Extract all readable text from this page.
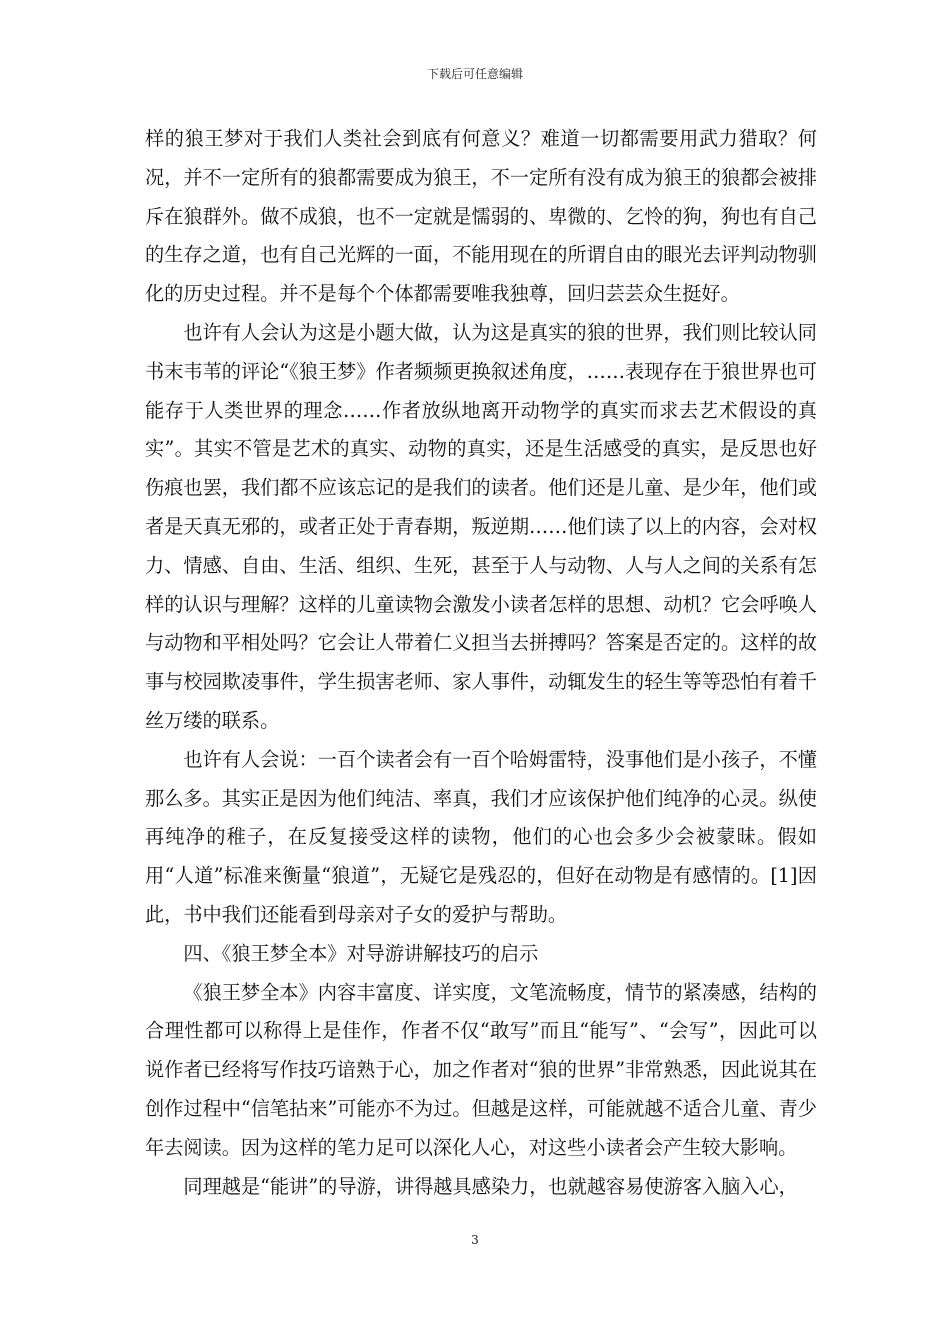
下载后可任意编辑

样的狼王梦对于我们人类社会到底有何意义？难道一切都需要用武力猎取？何况，并不一定所有的狼都需要成为狼王，不一定所有没有成为狼王的狼都会被排斥在狼群外。做不成狼，也不一定就是懦弱的、卑微的、乞怜的狗，狗也有自己的生存之道，也有自己光辉的一面，不能用现在的所谓自由的眼光去评判动物驯化的历史过程。并不是每个个体都需要唯我独尊，回归芸芸众生挺好。

也许有人会认为这是小题大做，认为这是真实的狼的世界，我们则比较认同书末韦苇的评论“《狼王梦》作者频频更换叙述角度，……表现存在于狼世界也可能存于人类世界的理念……作者放纵地离开动物学的真实而求去艺术假设的真实”。其实不管是艺术的真实、动物的真实，还是生活感受的真实，是反思也好伤痕也罢，我们都不应该忘记的是我们的读者。他们还是儿童、是少年，他们或者是天真无邪的，或者正处于青春期，叛逆期……他们读了以上的内容，会对权力、情感、自由、生活、组织、生死，甚至于人与动物、人与人之间的关系有怎样的认识与理解？这样的儿童读物会激发小读者怎样的思想、动机？它会呼唤人与动物和平相处吗？它会让人带着仁义担当去拼搏吗？答案是否定的。这样的故事与校园欺凌事件，学生损害老师、家人事件，动辄发生的轻生等等恐怕有着千丝万缕的联系。

也许有人会说：一百个读者会有一百个哈姆雷特，没事他们是小孩子，不懂那么多。其实正是因为他们纯洁、率真，我们才应该保护他们纯净的心灵。纵使再纯净的稚子，在反复接受这样的读物，他们的心也会多少会被蒙昧。假如用“人道”标准来衡量“狼道”，无疑它是残忍的，但好在动物是有感情的。[1]因此，书中我们还能看到母亲对子女的爱护与帮助。

四、《狼王梦全本》对导游讲解技巧的启示

《狼王梦全本》内容丰富度、详实度，文笔流畅度，情节的紧凑感，结构的合理性都可以称得上是佳作，作者不仅“敢写”而且“能写”、“会写”，因此可以说作者已经将写作技巧谙熟于心，加之作者对“狼的世界”非常熟悉，因此说其在创作过程中“信笔拈来”可能亦不为过。但越是这样，可能就越不适合儿童、青少年去阅读。因为这样的笔力足可以深化人心，对这些小读者会产生较大影响。

同理越是“能讲”的导游，讲得越具感染力，也就越容易使游客入脑入心，

3
